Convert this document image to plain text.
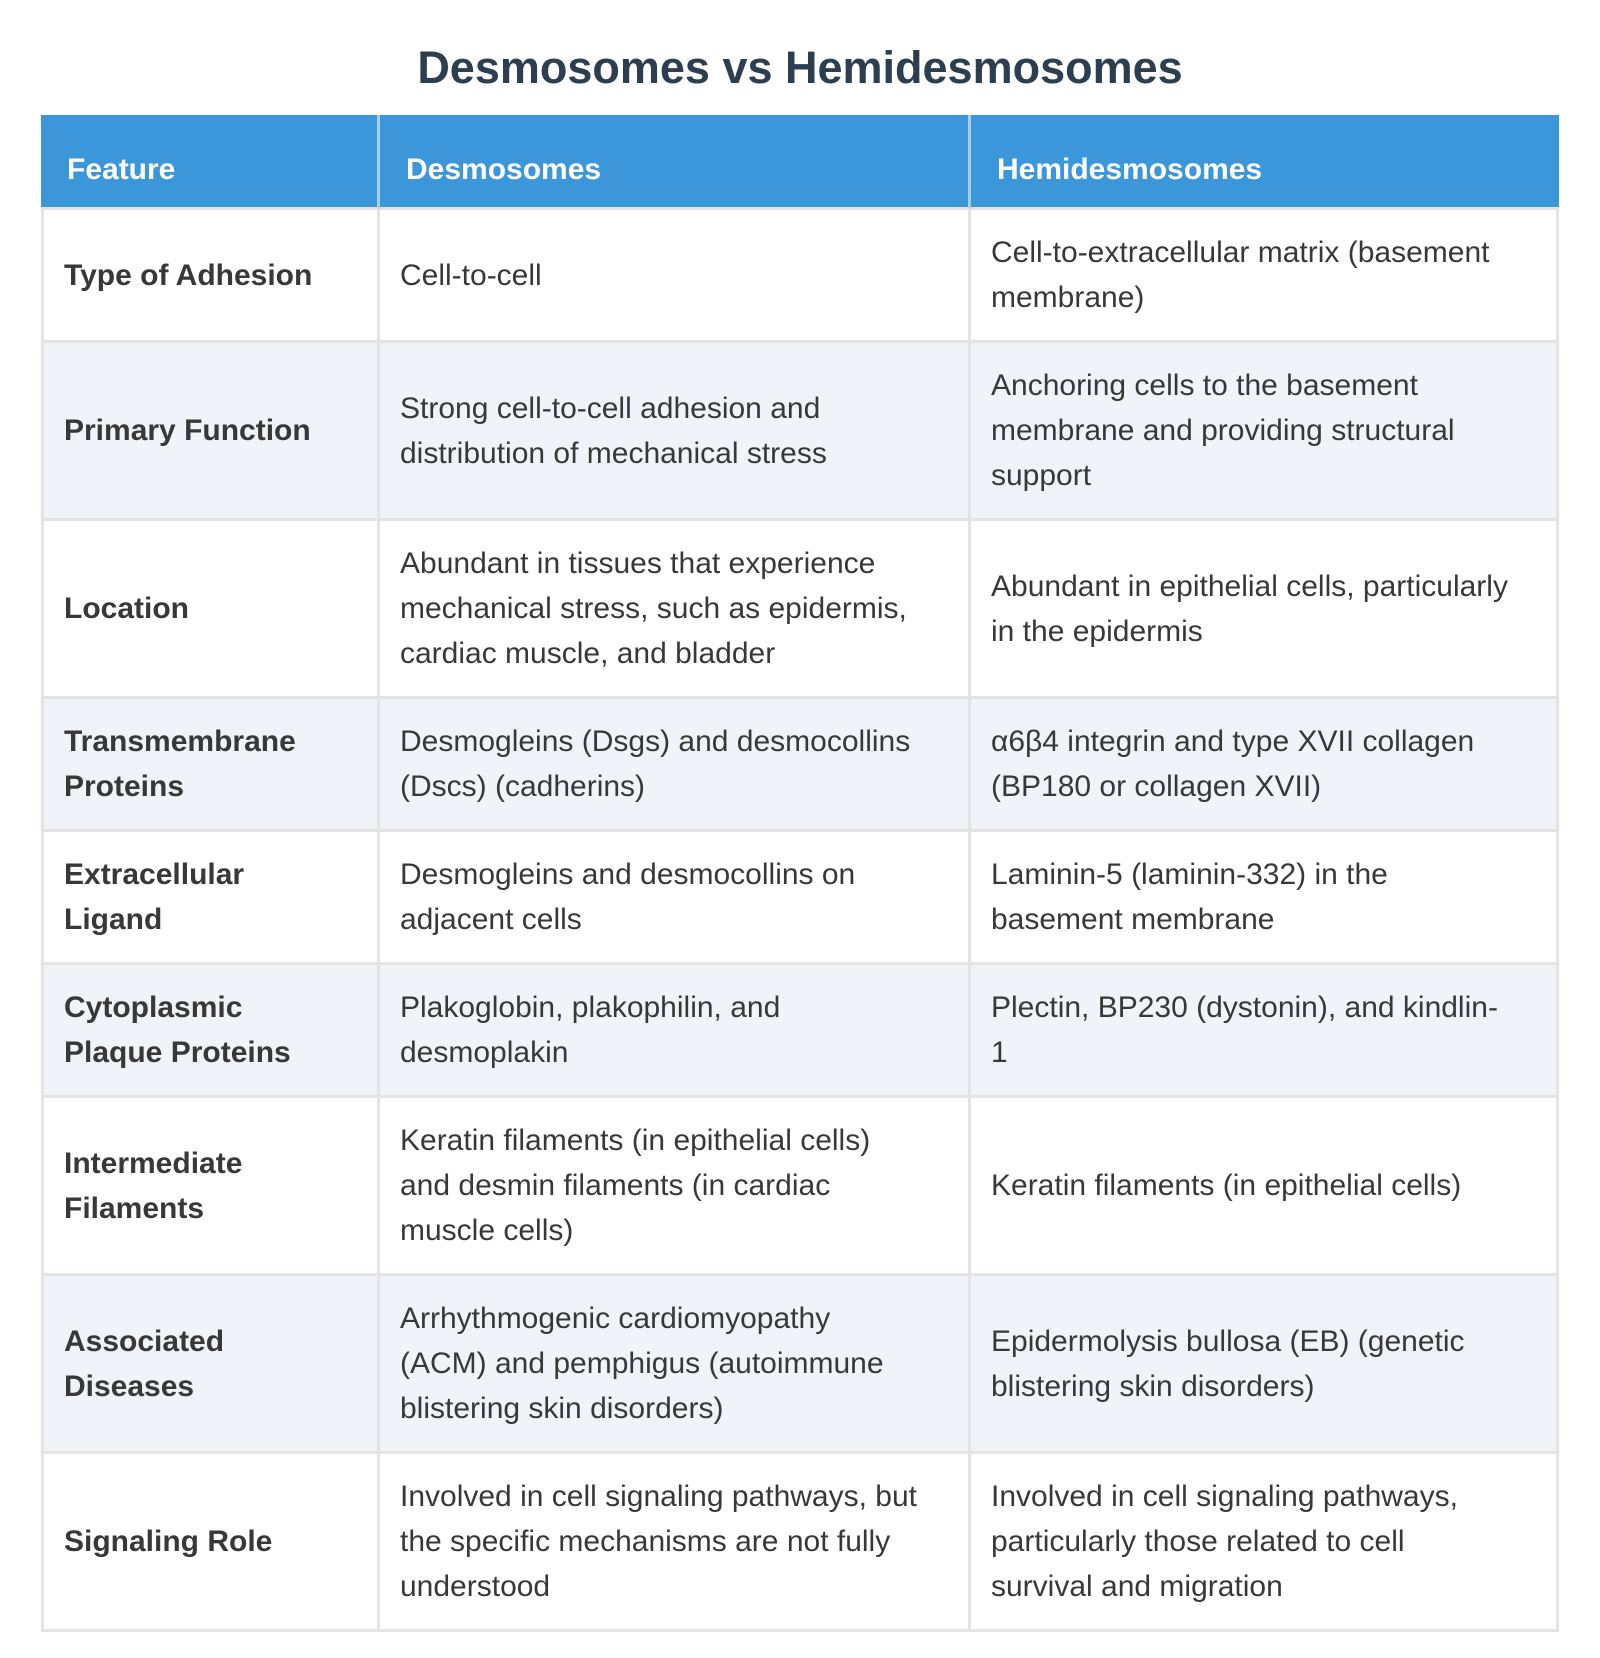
Desmosomes vs Hemidesmosomes
Feature	Desmosomes	Hemidesmosomes
Type of Adhesion	Cell-to-cell	Cell-to-extracellular matrix (basement membrane)
Primary Function	Strong cell-to-cell adhesion and distribution of mechanical stress	Anchoring cells to the basement membrane and providing structural support
Location	Abundant in tissues that experience mechanical stress, such as epidermis, cardiac muscle, and bladder	Abundant in epithelial cells, particularly in the epidermis
Transmembrane Proteins	Desmogleins (Dsgs) and desmocollins (Dscs) (cadherins)	α6β4 integrin and type XVII collagen (BP180 or collagen XVII)
Extracellular Ligand	Desmogleins and desmocollins on adjacent cells	Laminin-5 (laminin-332) in the basement membrane
Cytoplasmic Plaque Proteins	Plakoglobin, plakophilin, and desmoplakin	Plectin, BP230 (dystonin), and kindlin-1
Intermediate Filaments	Keratin filaments (in epithelial cells) and desmin filaments (in cardiac muscle cells)	Keratin filaments (in epithelial cells)
Associated Diseases	Arrhythmogenic cardiomyopathy (ACM) and pemphigus (autoimmune blistering skin disorders)	Epidermolysis bullosa (EB) (genetic blistering skin disorders)
Signaling Role	Involved in cell signaling pathways, but the specific mechanisms are not fully understood	Involved in cell signaling pathways, particularly those related to cell survival and migration
